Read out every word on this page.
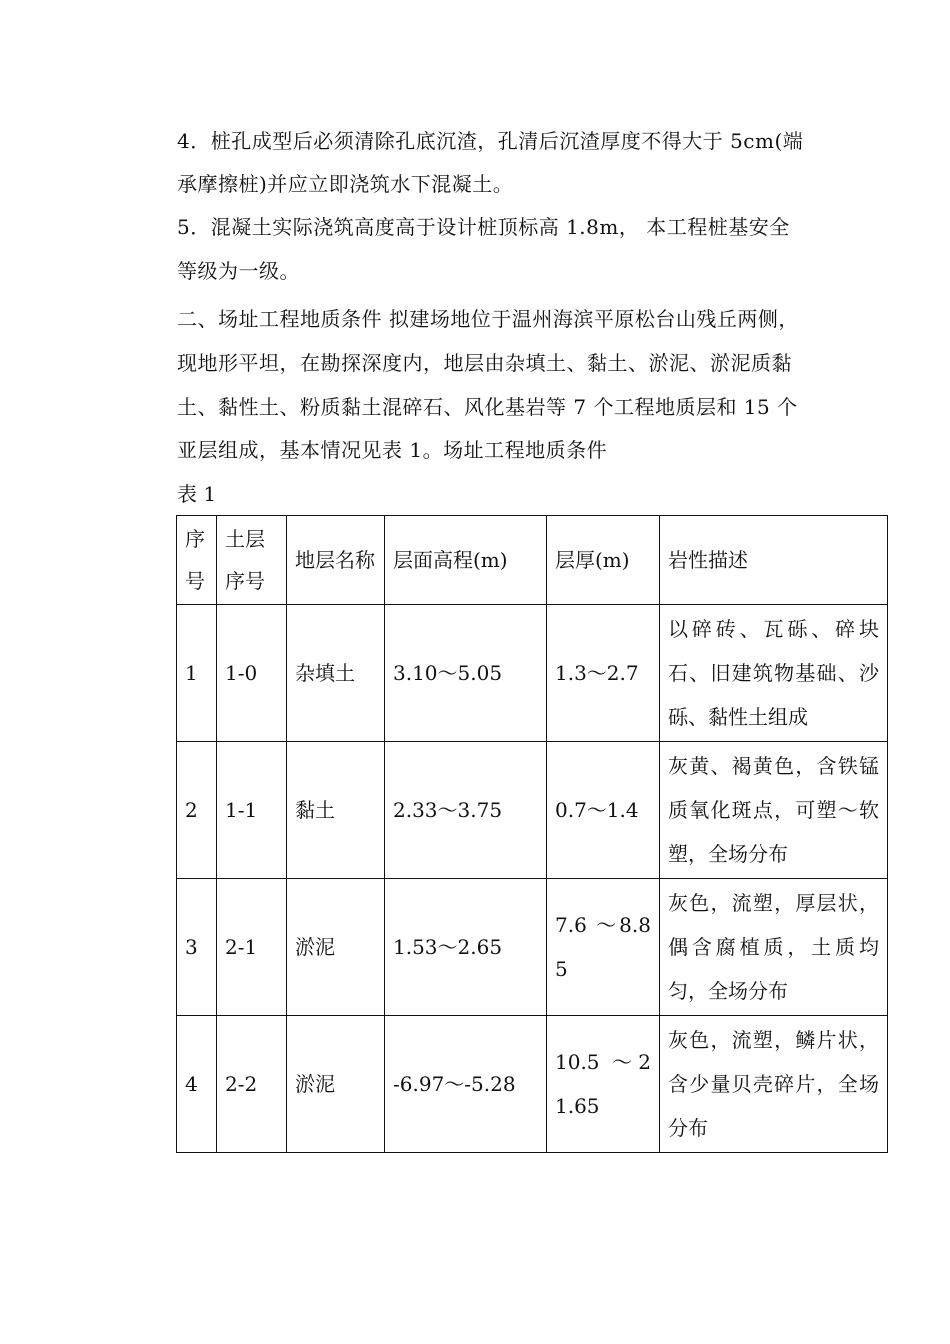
4．桩孔成型后必须清除孔底沉渣，孔清后沉渣厚度不得大于 5cm(端
承摩擦桩)并应立即浇筑水下混凝土。
5．混凝土实际浇筑高度高于设计桩顶标高 1.8m， 本工程桩基安全
等级为一级。
二、场址工程地质条件 拟建场地位于温州海滨平原松台山残丘两侧，
现地形平坦，在勘探深度内，地层由杂填土、黏土、淤泥、淤泥质黏
土、黏性土、粉质黏土混碎石、风化基岩等 7 个工程地质层和 15 个
亚层组成，基本情况见表 1。场址工程地质条件
表 1
序号	土层序号	地层名称	层面高程(m)	层厚(m)	岩性描述
1	1-0	杂填土	3.10～5.05	1.3～2.7	以碎砖、瓦砾、碎块石、旧建筑物基础、沙砾、黏性土组成
2	1-1	黏土	2.33～3.75	0.7～1.4	灰黄、褐黄色，含铁锰质氧化斑点，可塑～软塑，全场分布
3	2-1	淤泥	1.53～2.65	7.6 ～8.85	灰色，流塑，厚层状，偶含腐植质，土质均匀，全场分布
4	2-2	淤泥	-6.97～-5.28	10.5 ～21.65	灰色，流塑，鳞片状，含少量贝壳碎片，全场分布
